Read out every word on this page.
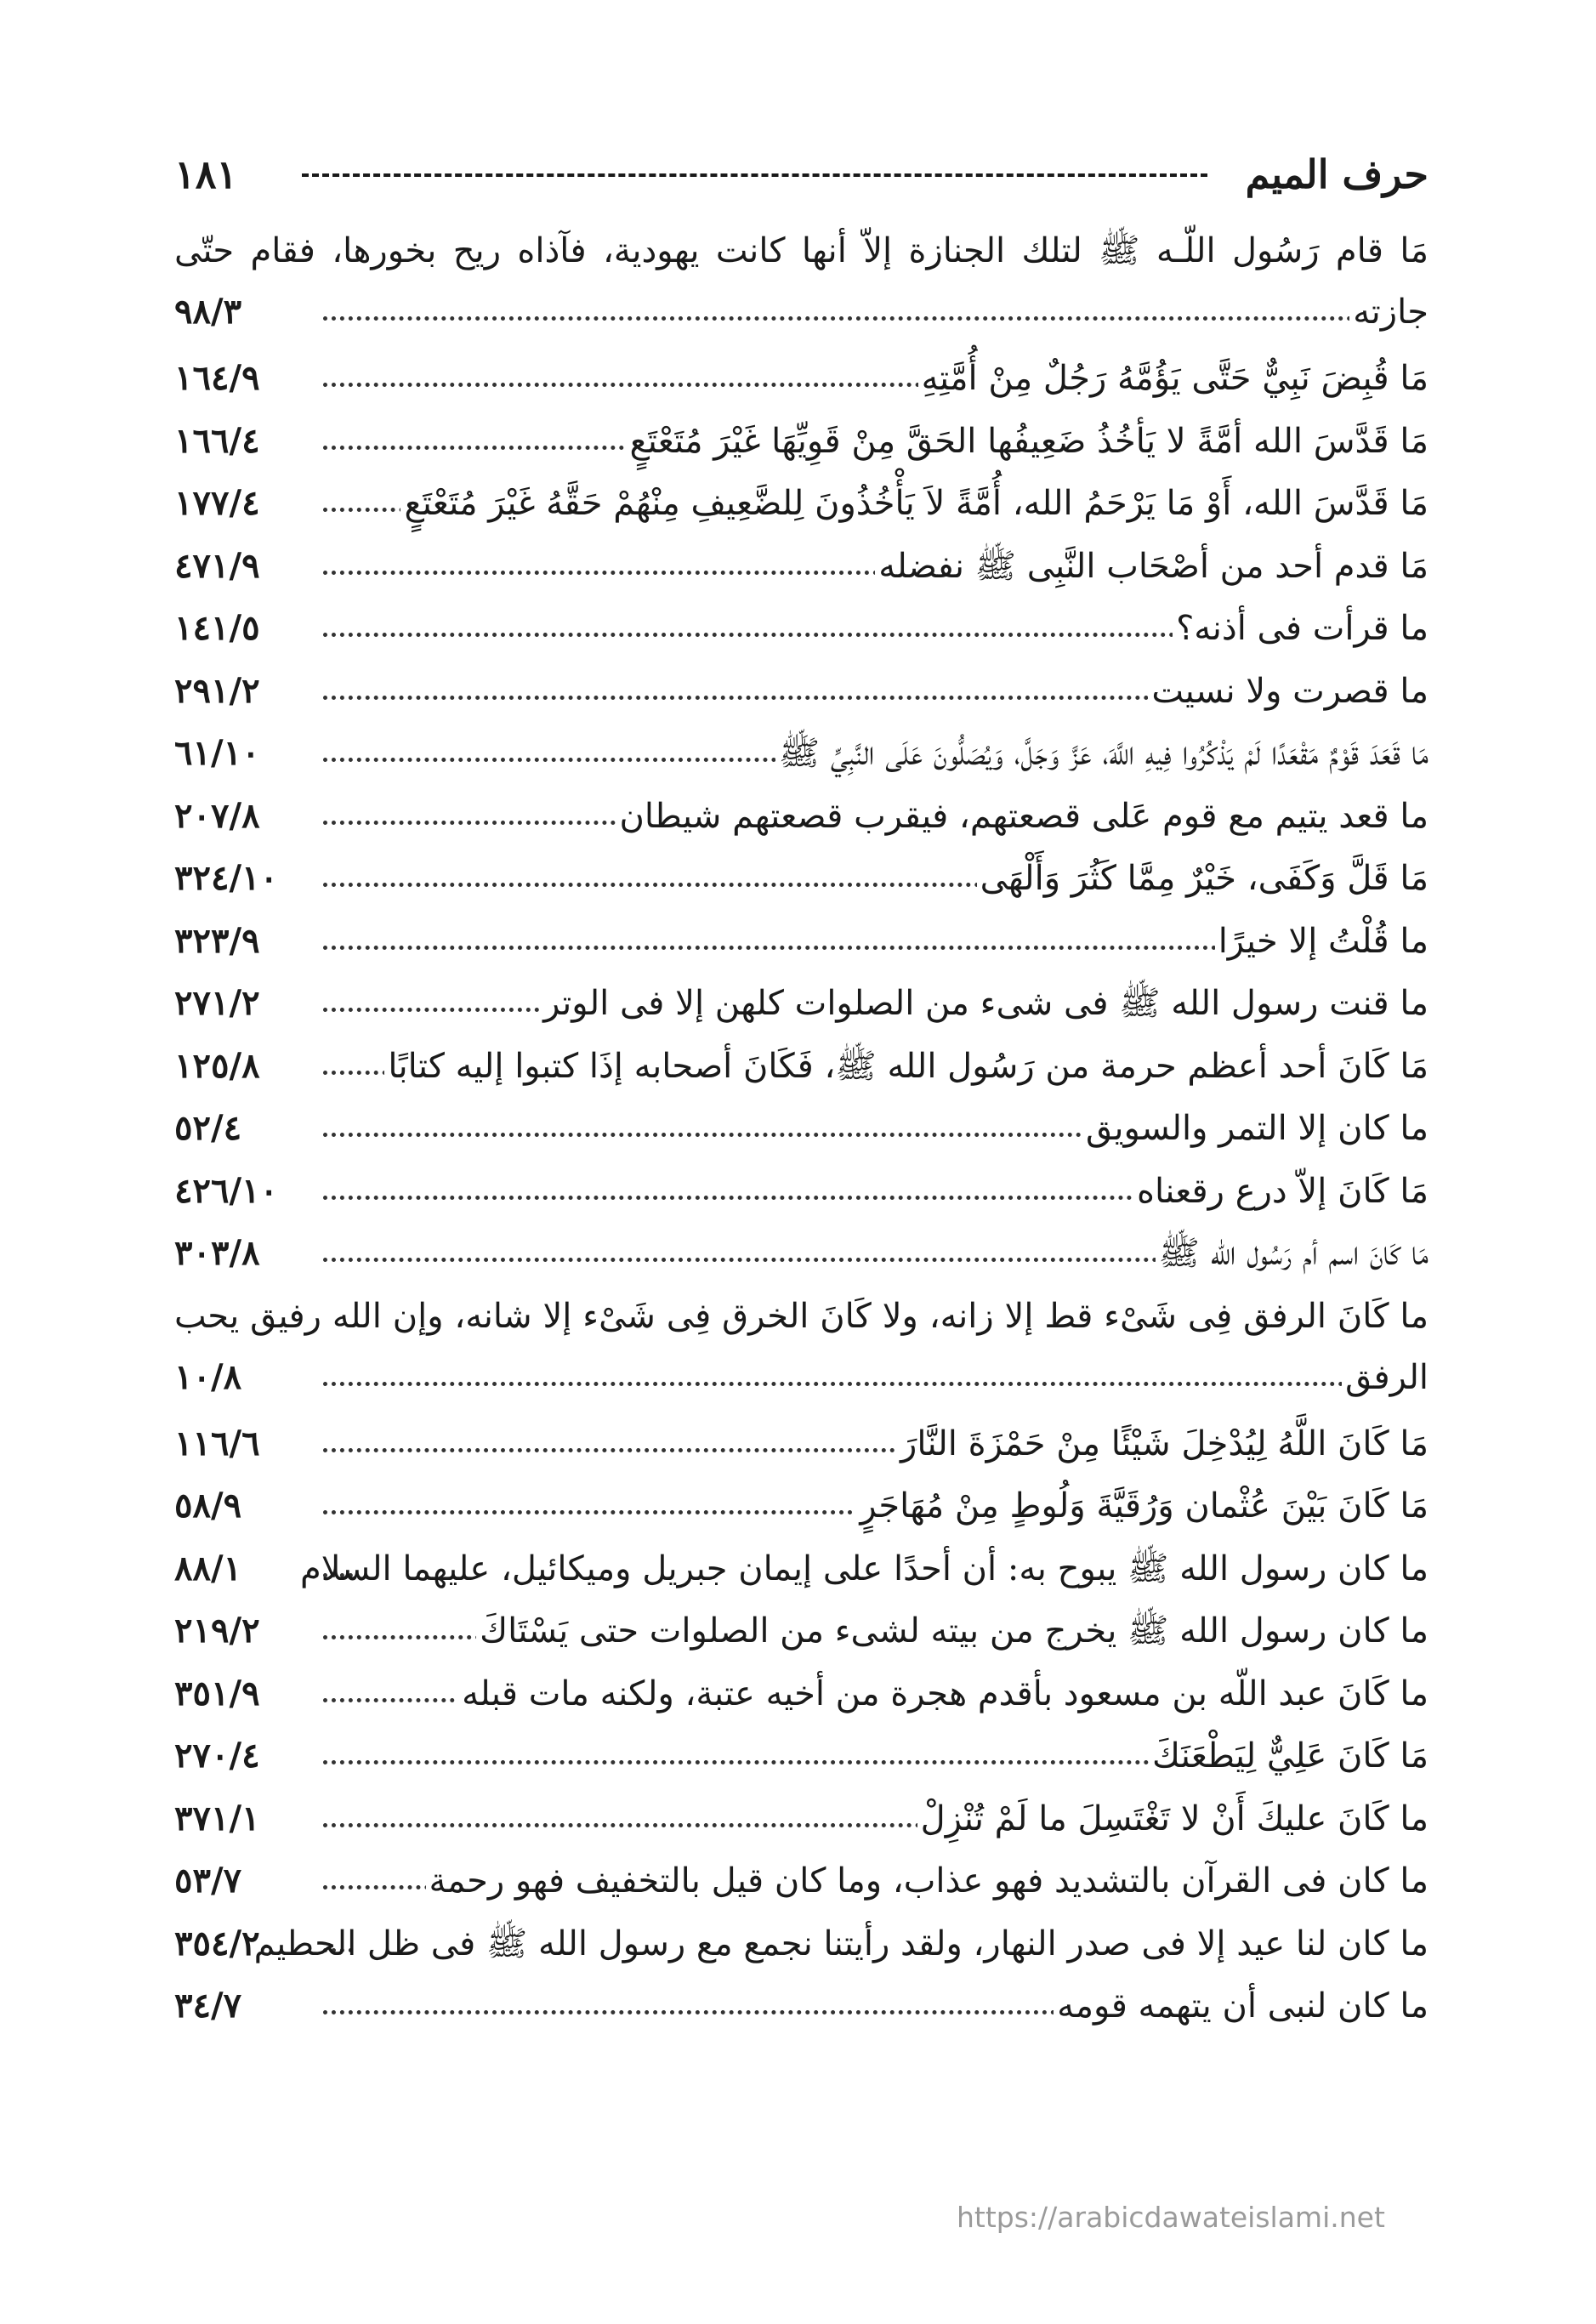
حرف الميم
١٨١
مَا قام رَسُول اللّـه ﷺ لتلك الجنازة إلاّ أنها كانت يهودية، فآذاه ريح بخورها، فقام حتّى
جازته
٩٨/٣
مَا قُبِضَ نَبِيٌّ حَتَّى يَؤُمَّهُ رَجُلٌ مِنْ أُمَّتِهِ
١٦٤/٩
مَا قَدَّسَ الله أمَّةً لا يَأخُذُ ضَعِيفُها الحَقَّ مِنْ قَوِيِّهَا غَيْرَ مُتَعْتَعٍ
١٦٦/٤
مَا قَدَّسَ الله، أَوْ مَا يَرْحَمُ الله، أُمَّةً لاَ يَأْخُذُونَ لِلضَّعِيفِ مِنْهُمْ حَقَّهُ غَيْرَ مُتَعْتَعٍ
١٧٧/٤
مَا قدم أحد من أصْحَاب النَّبِى ﷺ نفضله
٤٧١/٩
ما قرأت فى أذنه؟
١٤١/٥
ما قصرت ولا نسيت
٢٩١/٢
مَا قَعَدَ قَوْمٌ مَقْعَدًا لَمْ يَذْكُرُوا فِيهِ اللَّهَ، عَزَّ وَجَلَّ، وَيُصَلُّونَ عَلَى النَّبِيِّ ﷺ
٦١/١٠
ما قعد يتيم مع قوم عَلى قصعتهم، فيقرب قصعتهم شيطان
٢٠٧/٨
مَا قَلَّ وَكَفَى، خَيْرٌ مِمَّا كَثُرَ وَأَلْهَى
٣٢٤/١٠
ما قُلْتُ إلا خيرًا
٣٢٣/٩
ما قنت رسول الله ﷺ فى شىء من الصلوات كلهن إلا فى الوتر
٢٧١/٢
مَا كَانَ أحد أعظم حرمة من رَسُول الله ﷺ، فَكَانَ أصحابه إذَا كتبوا إليه كتابًا
١٢٥/٨
ما كان إلا التمر والسويق
٥٢/٤
مَا كَانَ إلاّ درع رقعناه
٤٢٦/١٠
مَا كَانَ اسم أم رَسُول الله ﷺ
٣٠٣/٨
ما كَانَ الرفق فِى شَىْء قط إلا زانه، ولا كَانَ الخرق فِى شَىْء إلا شانه، وإن الله رفيق يحب
الرفق
١٠/٨
مَا كَانَ اللَّهُ لِيُدْخِلَ شَيْئًا مِنْ حَمْزَةَ النَّارَ
١١٦/٦
مَا كَانَ بَيْنَ عُثْمان وَرُقَيَّةَ وَلُوطٍ مِنْ مُهَاجَرٍ
٥٨/٩
ما كان رسول الله ﷺ يبوح به: أن أحدًا على إيمان جبريل وميكائيل، عليهما السلام
٨٨/١
ما كان رسول الله ﷺ يخرج من بيته لشىء من الصلوات حتى يَسْتَاكَ
٢١٩/٢
ما كَانَ عبد اللّه بن مسعود بأقدم هجرة من أخيه عتبة، ولكنه مات قبله
٣٥١/٩
مَا كَانَ عَلِيٌّ لِيَطْعَنَكَ
٢٧٠/٤
ما كَانَ عليكَ أَنْ لا تَغْتَسِلَ ما لَمْ تُنْزِلْ
٣٧١/١
ما كان فى القرآن بالتشديد فهو عذاب، وما كان قيل بالتخفيف فهو رحمة
٥٣/٧
ما كان لنا عيد إلا فى صدر النهار، ولقد رأيتنا نجمع مع رسول الله ﷺ فى ظل الحطيم
٣٥٤/٢
ما كان لنبى أن يتهمه قومه
٣٤/٧
https://arabicdawateislami.net
